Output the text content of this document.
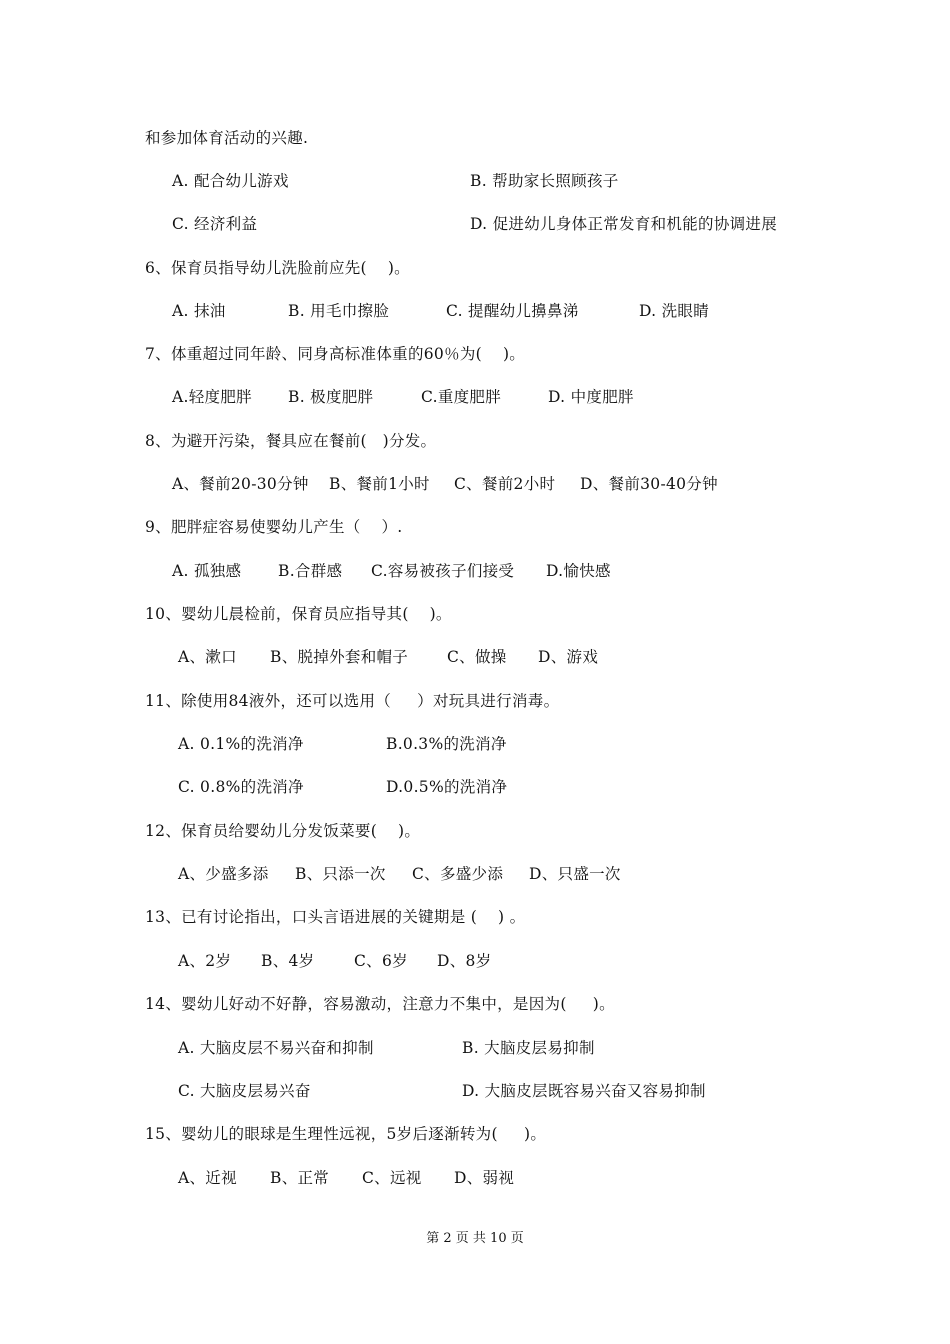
和参加体育活动的兴趣.
A. 配合幼儿游戏	B. 帮助家长照顾孩子
C. 经济利益	D. 促进幼儿身体正常发育和机能的协调进展
6、保育员指导幼儿洗脸前应先(    )。
A. 抹油	B. 用毛巾擦脸	C. 提醒幼儿擤鼻涕	D. 洗眼睛
7、体重超过同年龄、同身高标准体重的60％为(    )。
A.轻度肥胖 B. 极度肥胖	C.重度肥胖	D. 中度肥胖
8、为避开污染，餐具应在餐前(   )分发。
A、餐前20-30分钟 B、餐前1小时 C、餐前2小时 D、餐前30-40分钟
9、肥胖症容易使婴幼儿产生（    ）.
A. 孤独感 B.合群感 C.容易被孩子们接受 D.愉快感
10、婴幼儿晨检前，保育员应指导其(    )。
A、漱口 B、脱掉外套和帽子	C、做操 D、游戏
11、除使用84液外，还可以选用（     ）对玩具进行消毒。
A. 0.1%的洗消净	B.0.3%的洗消净
C. 0.8%的洗消净	D.0.5%的洗消净
12、保育员给婴幼儿分发饭菜要(    )。
A、少盛多添 B、只添一次 C、多盛少添 D、只盛一次
13、已有讨论指出，口头言语进展的关键期是 (    ) 。
A、2岁 B、4岁	C、6岁 D、8岁
14、婴幼儿好动不好静，容易激动，注意力不集中，是因为(     )。
A. 大脑皮层不易兴奋和抑制	B. 大脑皮层易抑制
C. 大脑皮层易兴奋	D. 大脑皮层既容易兴奋又容易抑制
15、婴幼儿的眼球是生理性远视，5岁后逐渐转为(     )。
A、近视 B、正常 C、远视 D、弱视
第 2 页 共 10 页
